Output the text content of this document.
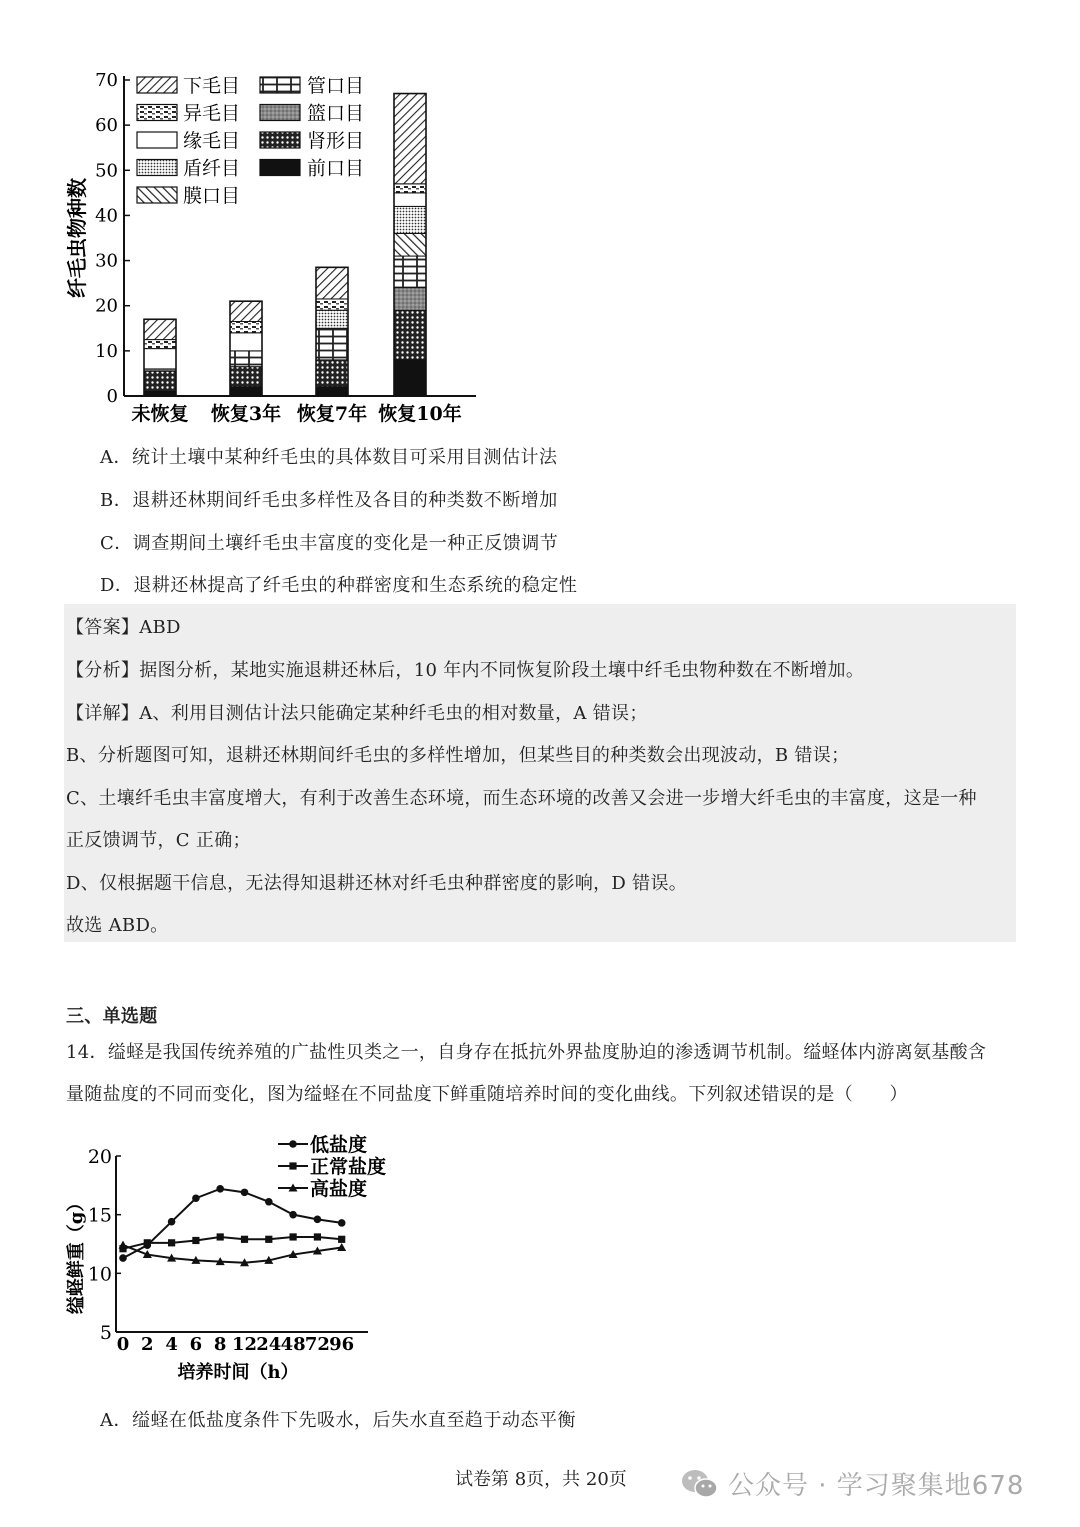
0
10
20
30
40
50
60
70
纤毛虫物种数
未恢复 恢复3年 恢复7年 恢复10年
下毛目
异毛目
缘毛目
盾纤目
膜口目
管口目
篮口目
肾形目
前口目
A．统计土壤中某种纤毛虫的具体数目可采用目测估计法
B．退耕还林期间纤毛虫多样性及各目的种类数不断增加
C．调查期间土壤纤毛虫丰富度的变化是一种正反馈调节
D．退耕还林提高了纤毛虫的种群密度和生态系统的稳定性
【答案】ABD
【分析】据图分析，某地实施退耕还林后，10 年内不同恢复阶段土壤中纤毛虫物种数在不断增加。
【详解】A、利用目测估计法只能确定某种纤毛虫的相对数量，A 错误；
B、分析题图可知，退耕还林期间纤毛虫的多样性增加，但某些目的种类数会出现波动，B 错误；
C、土壤纤毛虫丰富度增大，有利于改善生态环境，而生态环境的改善又会进一步增大纤毛虫的丰富度，这是一种
正反馈调节，C 正确；
D、仅根据题干信息，无法得知退耕还林对纤毛虫种群密度的影响，D 错误。
故选 ABD。
三、单选题
14．缢蛏是我国传统养殖的广盐性贝类之一，自身存在抵抗外界盐度胁迫的渗透调节机制。缢蛏体内游离氨基酸含
量随盐度的不同而变化，图为缢蛏在不同盐度下鲜重随培养时间的变化曲线。下列叙述错误的是（　　）
5
10
15
20
0 2 4 6 8 12 24 48 72 96
培养时间（h）
缢蛏鲜重（g）
低盐度
正常盐度
高盐度
A．缢蛏在低盐度条件下先吸水，后失水直至趋于动态平衡
试卷第 8页，共 20页	公众号 · 学习聚集地678
